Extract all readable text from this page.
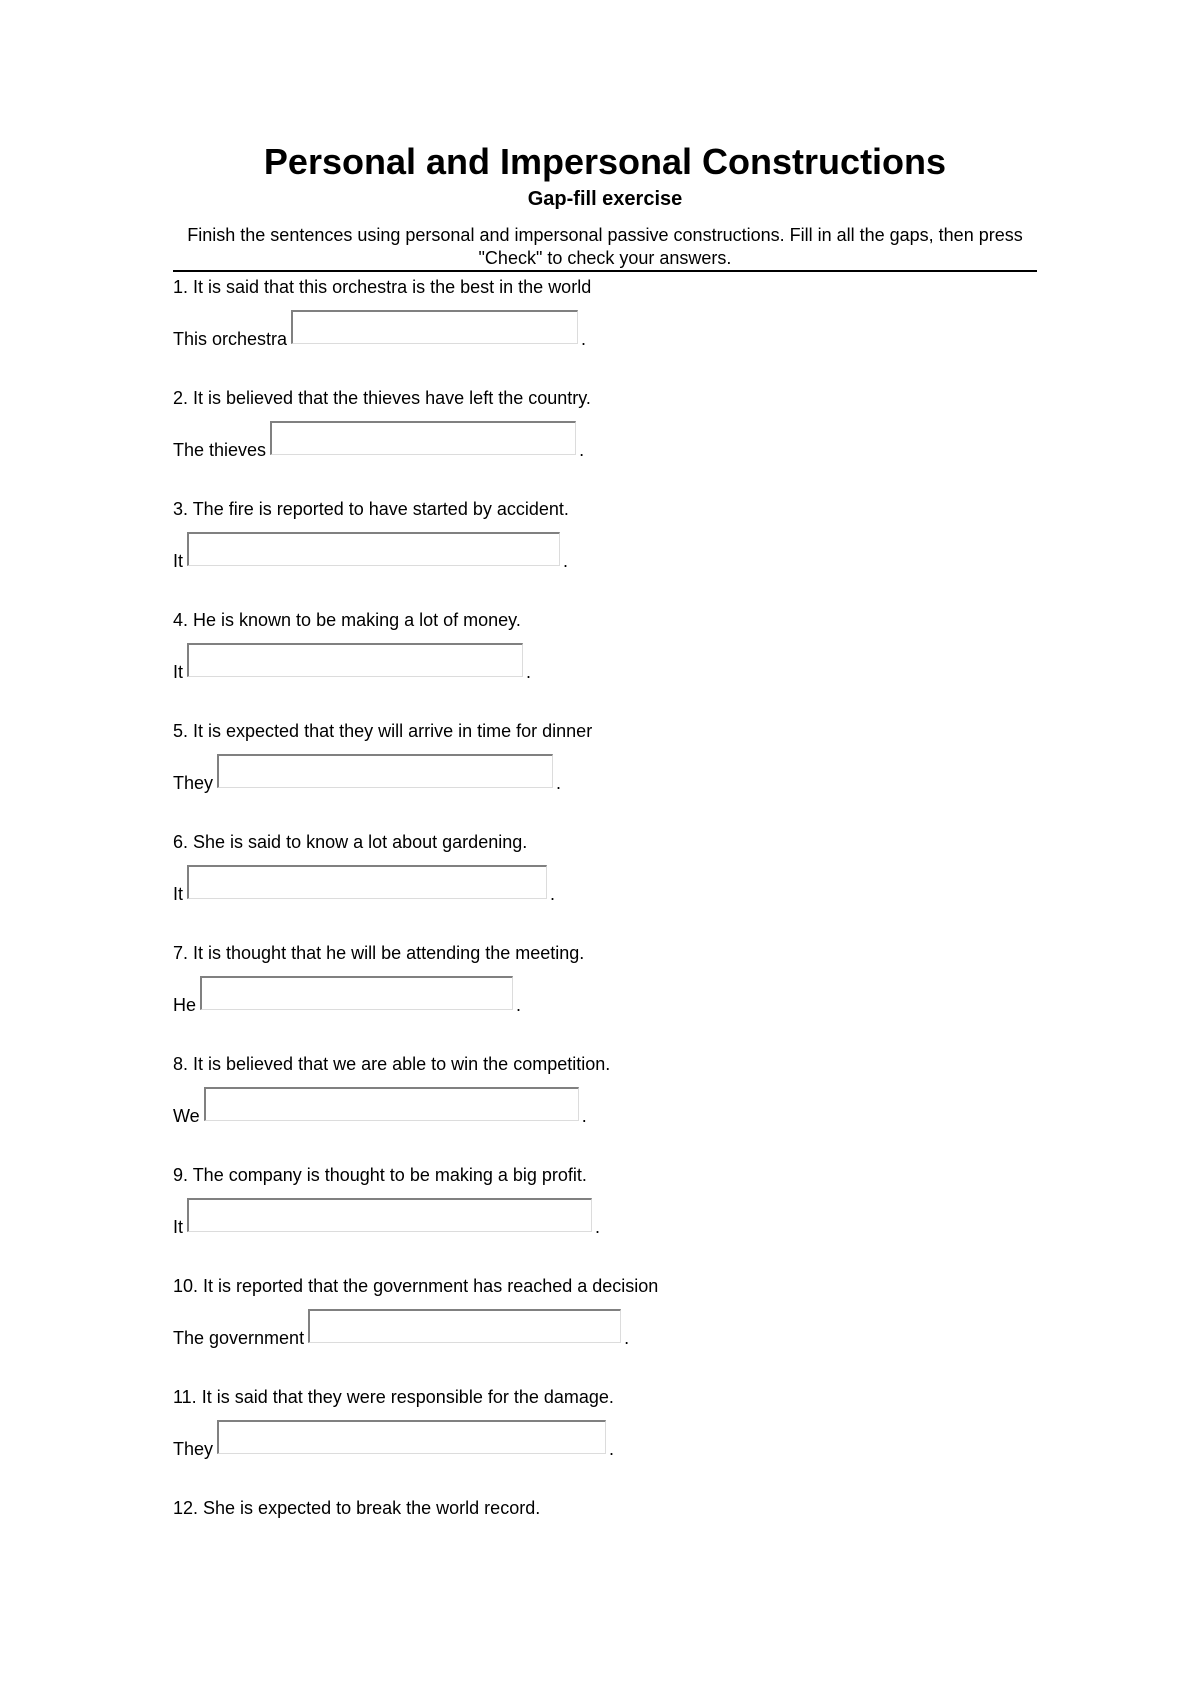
Personal and Impersonal Constructions
Gap-fill exercise
Finish the sentences using personal and impersonal passive constructions. Fill in all the gaps, then press "Check" to check your answers.
1. It is said that this orchestra is the best in the world
This orchestra	.
2. It is believed that the thieves have left the country.
The thieves	.
3. The fire is reported to have started by accident.
It	.
4. He is known to be making a lot of money.
It	.
5. It is expected that they will arrive in time for dinner
They	.
6. She is said to know a lot about gardening.
It	.
7. It is thought that he will be attending the meeting.
He	.
8. It is believed that we are able to win the competition.
We	.
9. The company is thought to be making a big profit.
It	.
10. It is reported that the government has reached a decision
The government	.
11. It is said that they were responsible for the damage.
They	.
12. She is expected to break the world record.
